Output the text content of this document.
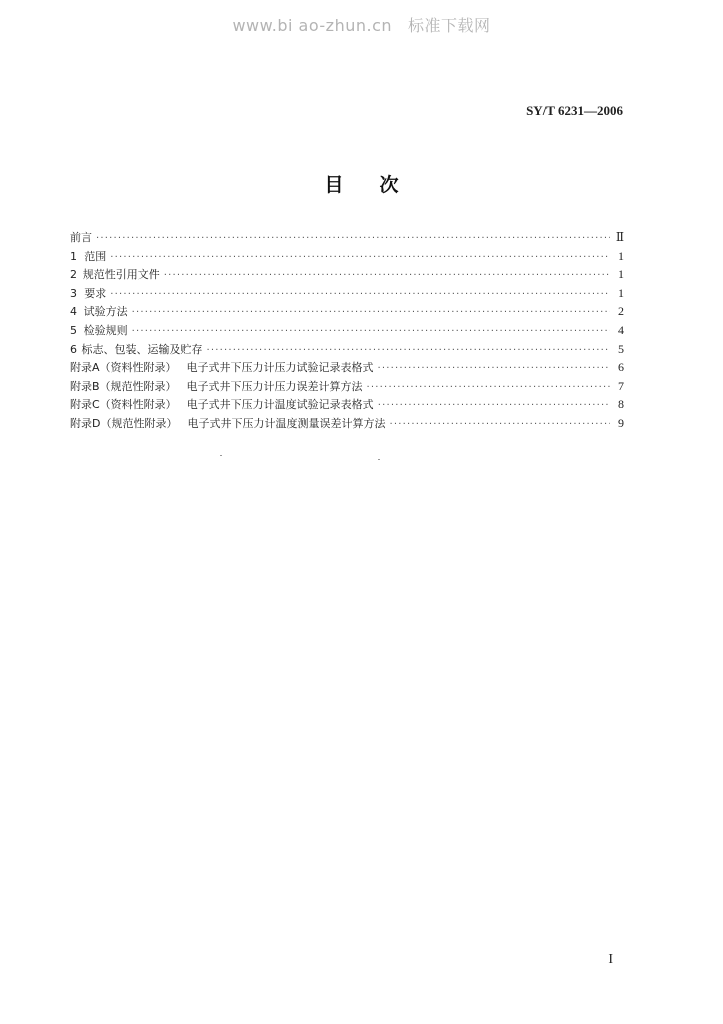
www.bi ao-zhun.cn 标准下载网
SY/T 6231—2006
目 次
前言 ·····	Ⅱ
1 范围 ·····	1
2 规范性引用文件 ·····	1
3 要求 ·····	1
4 试验方法 ·····	2
5 检验规则 ·····	4
6 标志、包装、运输及贮存 ·····	5
附录A（资料性附录） 电子式井下压力计压力试验记录表格式 ·····	6
附录B（规范性附录） 电子式井下压力计压力误差计算方法 ·····	7
附录C（资料性附录） 电子式井下压力计温度试验记录表格式 ·····	8
附录D（规范性附录） 电子式井下压力计温度测量误差计算方法 ·····	9
I
